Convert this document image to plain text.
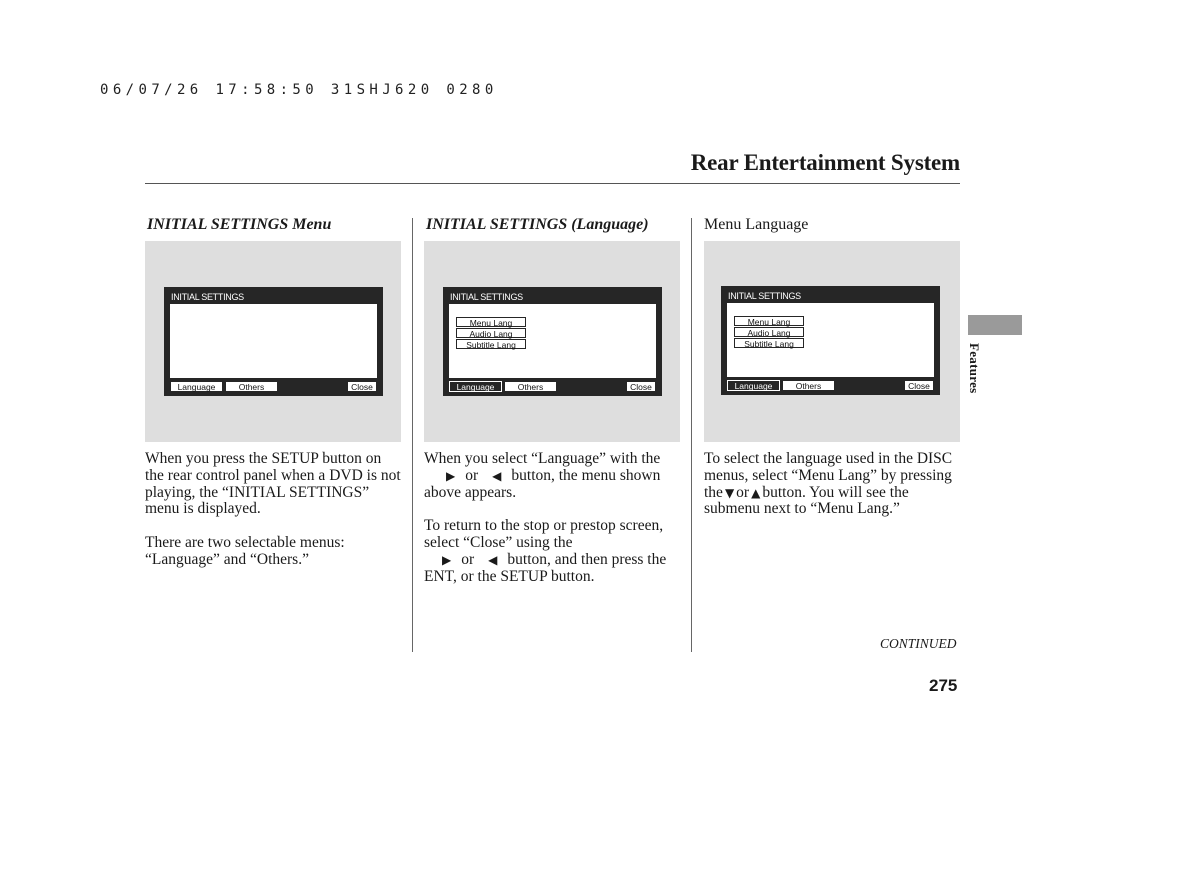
06/07/26 17:58:50 31SHJ620 0280
Rear Entertainment System
INITIAL SETTINGS Menu
INITIAL SETTINGS
Language	Others	Close

When you press the SETUP button on the rear control panel when a DVD is not playing, the “INITIAL SETTINGS” menu is displayed.

There are two selectable menus: “Language” and “Others.”

INITIAL SETTINGS (Language)
INITIAL SETTINGS
Menu Lang
Audio Lang
Subtitle Lang
Language	Others	Close

When you select “Language” with the▶ or ◀ button, the menu shown above appears.

To return to the stop or prestop screen, select “Close” using the
▶ or ◀ button, and then press the ENT, or the SETUP button.

Menu Language
INITIAL SETTINGS
Menu Lang
Audio Lang
Subtitle Lang
Language	Others	Close

To select the language used in the DISC menus, select “Menu Lang” by pressing the ▼ or ▲ button. You will see the submenu next to “Menu Lang.”

CONTINUED
275
Features
